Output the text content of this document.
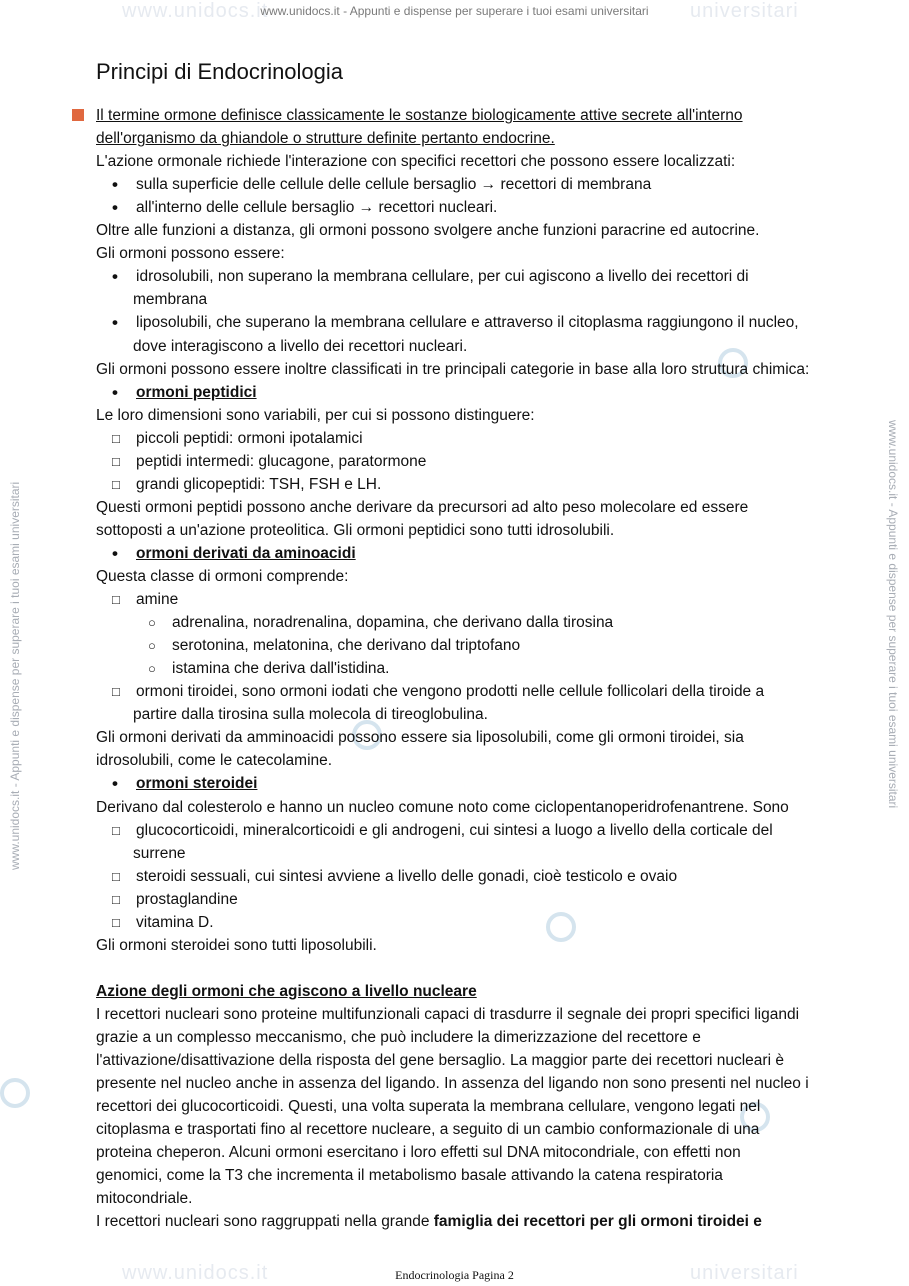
www.unidocs.it	universitari
www.unidocs.it	universitari
www.unidocs.it - Appunti e dispense per superare i tuoi esami universitari
www.unidocs.it - Appunti e dispense per superare i tuoi esami universitari	www.unidocs.it - Appunti e dispense per superare i tuoi esami universitari
Principi di Endocrinologia
Il termine ormone definisce classicamente le sostanze biologicamente attive secrete all'interno
dell'organismo da ghiandole o strutture definite pertanto endocrine.
L'azione ormonale richiede l'interazione con specifici recettori che possono essere localizzati:
• sulla superficie delle cellule delle cellule bersaglio → recettori di membrana
• all'interno delle cellule bersaglio → recettori nucleari.
Oltre alle funzioni a distanza, gli ormoni possono svolgere anche funzioni paracrine ed autocrine.
Gli ormoni possono essere:
• idrosolubili, non superano la membrana cellulare, per cui agiscono a livello dei recettori di
membrana
• liposolubili, che superano la membrana cellulare e attraverso il citoplasma raggiungono il nucleo,
dove interagiscono a livello dei recettori nucleari.
Gli ormoni possono essere inoltre classificati in tre principali categorie in base alla loro struttura chimica:
• ormoni peptidici
Le loro dimensioni sono variabili, per cui si possono distinguere:
□ piccoli peptidi: ormoni ipotalamici
□ peptidi intermedi: glucagone, paratormone
□ grandi glicopeptidi: TSH, FSH e LH.
Questi ormoni peptidi possono anche derivare da precursori ad alto peso molecolare ed essere
sottoposti a un'azione proteolitica. Gli ormoni peptidici sono tutti idrosolubili.
• ormoni derivati da aminoacidi
Questa classe di ormoni comprende:
□ amine
○ adrenalina, noradrenalina, dopamina, che derivano dalla tirosina
○ serotonina, melatonina, che derivano dal triptofano
○ istamina che deriva dall'istidina.
□ ormoni tiroidei, sono ormoni iodati che vengono prodotti nelle cellule follicolari della tiroide a
partire dalla tirosina sulla molecola di tireoglobulina.
Gli ormoni derivati da amminoacidi possono essere sia liposolubili, come gli ormoni tiroidei, sia
idrosolubili, come le catecolamine.
• ormoni steroidei
Derivano dal colesterolo e hanno un nucleo comune noto come ciclopentanoperidrofenantrene. Sono
□ glucocorticoidi, mineralcorticoidi e gli androgeni, cui sintesi a luogo a livello della corticale del
surrene
□ steroidi sessuali, cui sintesi avviene a livello delle gonadi, cioè testicolo e ovaio
□ prostaglandine
□ vitamina D.
Gli ormoni steroidei sono tutti liposolubili.
Azione degli ormoni che agiscono a livello nucleare
I recettori nucleari sono proteine multifunzionali capaci di trasdurre il segnale dei propri specifici ligandi
grazie a un complesso meccanismo, che può includere la dimerizzazione del recettore e
l'attivazione/disattivazione della risposta del gene bersaglio. La maggior parte dei recettori nucleari è
presente nel nucleo anche in assenza del ligando. In assenza del ligando non sono presenti nel nucleo i
recettori dei glucocorticoidi. Questi, una volta superata la membrana cellulare, vengono legati nel
citoplasma e trasportati fino al recettore nucleare, a seguito di un cambio conformazionale di una
proteina cheperon. Alcuni ormoni esercitano i loro effetti sul DNA mitocondriale, con effetti non
genomici, come la T3 che incrementa il metabolismo basale attivando la catena respiratoria
mitocondriale.
I recettori nucleari sono raggruppati nella grande famiglia dei recettori per gli ormoni tiroidei e
Endocrinologia Pagina 2
